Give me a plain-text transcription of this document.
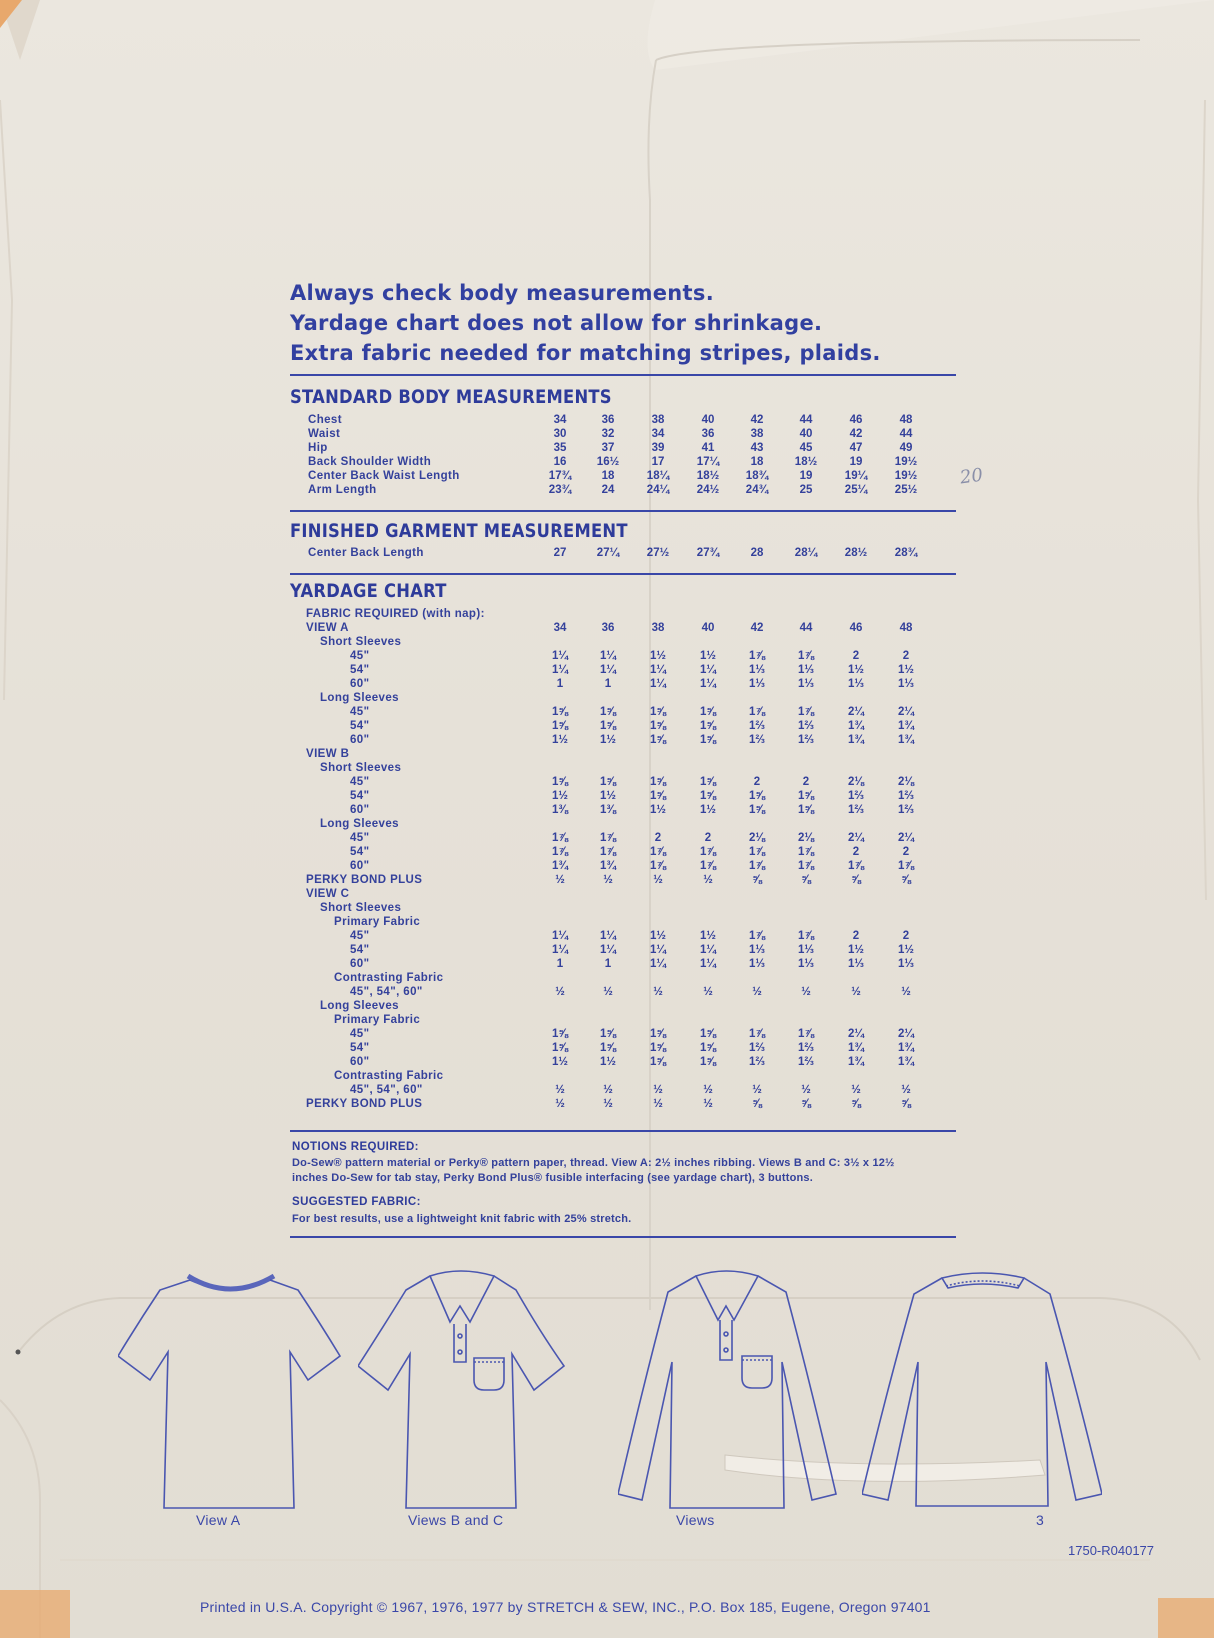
Always check body measurements.
Yardage chart does not allow for shrinkage.
Extra fabric needed for matching stripes, plaids.
STANDARD BODY MEASUREMENTS
Chest	34	36	38	40	42	44	46	48
Waist	30	32	34	36	38	40	42	44
Hip	35	37	39	41	43	45	47	49
Back Shoulder Width	16	16½	17	17¼	18	18½	19	19½
Center Back Waist Length	17¾	18	18¼	18½	18¾	19	19¼	19½
Arm Length	23¾	24	24¼	24½	24¾	25	25¼	25½
FINISHED GARMENT MEASUREMENT
Center Back Length	27	27¼	27½	27¾	28	28¼	28½	28¾
YARDAGE CHART
FABRIC REQUIRED (with nap):
VIEW A	34	36	38	40	42	44	46	48
Short Sleeves
45"	1¼	1¼	1½	1½	1⅞	1⅞	2	2
54"	1¼	1¼	1¼	1¼	1⅓	1⅓	1½	1½
60"	1	1	1¼	1¼	1⅓	1⅓	1⅓	1⅓
Long Sleeves
45"	1⅝	1⅝	1⅝	1⅝	1⅞	1⅞	2¼	2¼
54"	1⅝	1⅝	1⅝	1⅝	1⅔	1⅔	1¾	1¾
60"	1½	1½	1⅝	1⅝	1⅔	1⅔	1¾	1¾
VIEW B
Short Sleeves
45"	1⅝	1⅝	1⅝	1⅝	2	2	2⅛	2⅛
54"	1½	1½	1⅝	1⅝	1⅝	1⅝	1⅔	1⅔
60"	1⅜	1⅜	1½	1½	1⅝	1⅝	1⅔	1⅔
Long Sleeves
45"	1⅞	1⅞	2	2	2⅛	2⅛	2¼	2¼
54"	1⅞	1⅞	1⅞	1⅞	1⅞	1⅞	2	2
60"	1¾	1¾	1⅞	1⅞	1⅞	1⅞	1⅞	1⅞
PERKY BOND PLUS	½	½	½	½	⅝	⅝	⅝	⅝
VIEW C
Short Sleeves
Primary Fabric
45"	1¼	1¼	1½	1½	1⅞	1⅞	2	2
54"	1¼	1¼	1¼	1¼	1⅓	1⅓	1½	1½
60"	1	1	1¼	1¼	1⅓	1⅓	1⅓	1⅓
Contrasting Fabric
45", 54", 60"	½	½	½	½	½	½	½	½
Long Sleeves
Primary Fabric
45"	1⅝	1⅝	1⅝	1⅝	1⅞	1⅞	2¼	2¼
54"	1⅝	1⅝	1⅝	1⅝	1⅔	1⅔	1¾	1¾
60"	1½	1½	1⅝	1⅝	1⅔	1⅔	1¾	1¾
Contrasting Fabric
45", 54", 60"	½	½	½	½	½	½	½	½
PERKY BOND PLUS	½	½	½	½	⅝	⅝	⅝	⅝
NOTIONS REQUIRED:
Do-Sew® pattern material or Perky® pattern paper, thread. View A: 2½ inches ribbing. Views B and C: 3½ x 12½ inches Do-Sew for tab stay, Perky Bond Plus® fusible interfacing (see yardage chart), 3 buttons.
SUGGESTED FABRIC:
For best results, use a lightweight knit fabric with 25% stretch.
20
View A	Views B and C	Views	3
1750-R040177
Printed in U.S.A. Copyright © 1967, 1976, 1977 by STRETCH & SEW, INC., P.O. Box 185, Eugene, Oregon 97401
